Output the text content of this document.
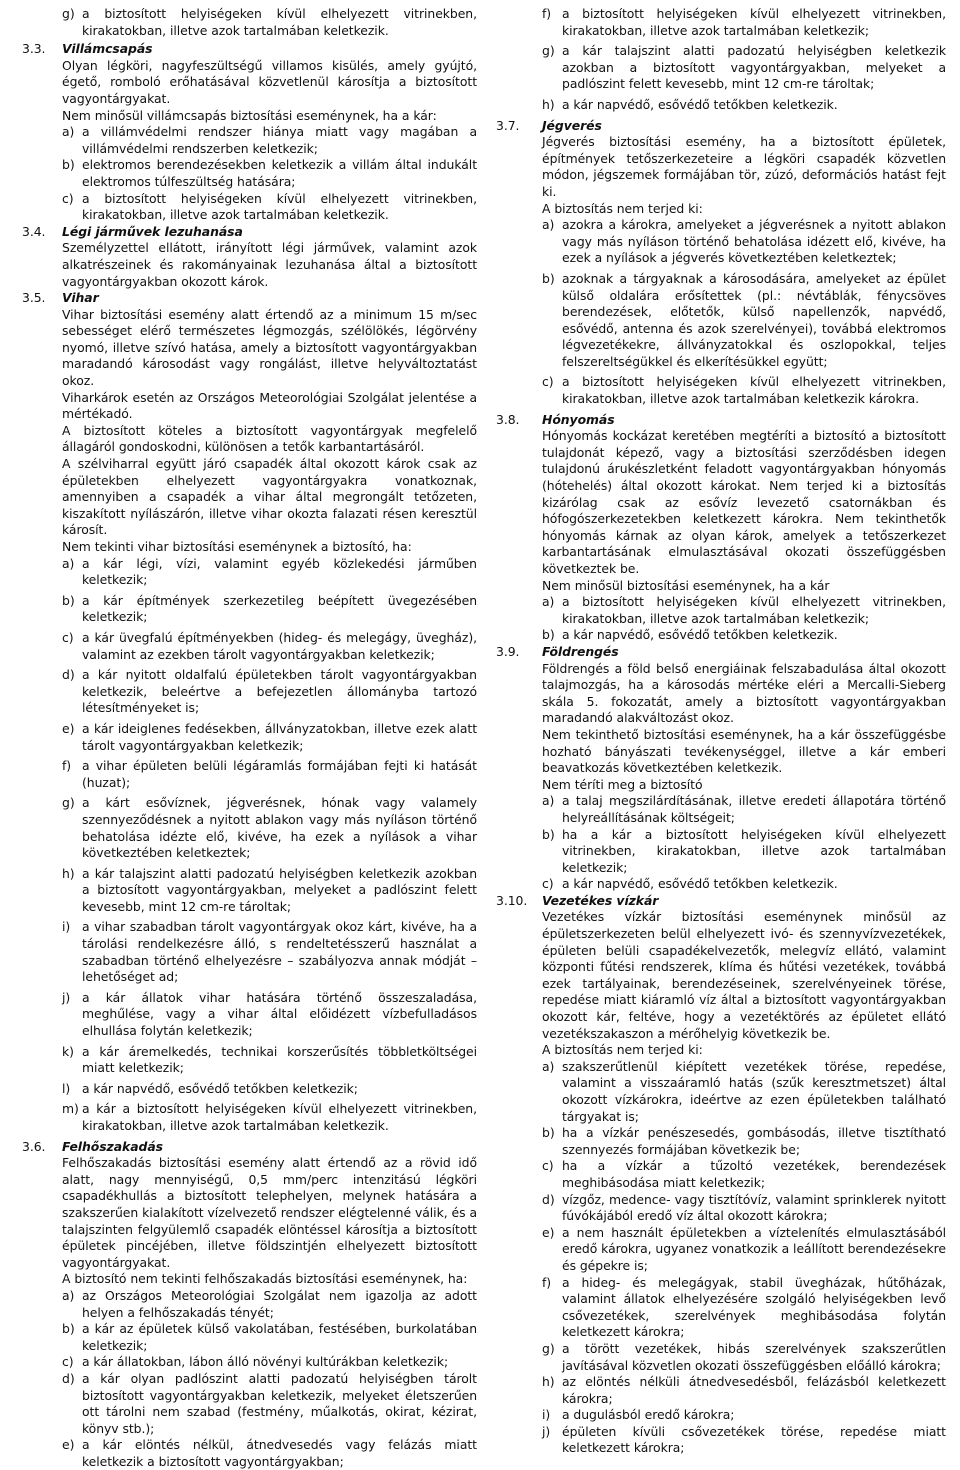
g) a biztosított helyiségeken kívül elhelyezett vitrinekben, kirakatokban, illetve azok tartalmában keletkezik.
3.3.	Villámcsapás

Olyan légköri, nagyfeszültségű villamos kisülés, amely gyújtó, égető, romboló erőhatásával közvetlenül károsítja a biztosított vagyontárgyakat.

Nem minősül villámcsapás biztosítási eseménynek, ha a kár:

a) a villámvédelmi rendszer hiánya miatt vagy magában a villámvédelmi rendszerben keletkezik;
b) elektromos berendezésekben keletkezik a villám által indukált elektromos túlfeszültség hatására;
c) a biztosított helyiségeken kívül elhelyezett vitrinekben, kirakatokban, illetve azok tartalmában keletkezik.
3.4.	Légi járművek lezuhanása

Személyzettel ellátott, irányított légi járművek, valamint azok alkatrészeinek és rakományainak lezuhanása által a biztosított vagyontárgyakban okozott károk.

3.5.	Vihar

Vihar biztosítási esemény alatt értendő az a minimum 15 m/sec sebességet elérő természetes légmozgás, szélölökés, légörvény nyomó, illetve szívó hatása, amely a biztosított vagyontárgyakban maradandó károsodást vagy rongálást, illetve helyváltoztatást okoz.

Viharkárok esetén az Országos Meteorológiai Szolgálat jelentése a mértékadó.

A biztosított köteles a biztosított vagyontárgyak megfelelő állagáról gondoskodni, különösen a tetők karbantartásáról.

A szélviharral együtt járó csapadék által okozott károk csak az épületekben elhelyezett vagyontárgyakra vonatkoznak, amennyiben a csapadék a vihar által megrongált tetőzeten, kiszakított nyílászárón, illetve vihar okozta falazati résen keresztül károsít.

Nem tekinti vihar biztosítási eseménynek a biztosító, ha:

a) a kár légi, vízi, valamint egyéb közlekedési járműben keletkezik;
b) a kár építmények szerkezetileg beépített üvegezésében keletkezik;
c) a kár üvegfalú építményekben (hideg- és melegágy, üvegház), valamint az ezekben tárolt vagyontárgyakban keletkezik;
d) a kár nyitott oldalfalú épületekben tárolt vagyontárgyakban keletkezik, beleértve a befejezetlen állományba tartozó létesítményeket is;
e) a kár ideiglenes fedésekben, állványzatokban, illetve ezek alatt tárolt vagyontárgyakban keletkezik;
f) a vihar épületen belüli légáramlás formájában fejti ki hatását (huzat);
g) a kárt esővíznek, jégverésnek, hónak vagy valamely szennyeződésnek a nyitott ablakon vagy más nyíláson történő behatolása idézte elő, kivéve, ha ezek a nyílások a vihar következtében keletkeztek;
h) a kár talajszint alatti padozatú helyiségben keletkezik azokban a biztosított vagyontárgyakban, melyeket a padlószint felett kevesebb, mint 12 cm-re tároltak;
i) a vihar szabadban tárolt vagyontárgyak okoz kárt, kivéve, ha a tárolási rendelkezésre álló, s rendeltetésszerű használat a szabadban történő elhelyezésre – szabályozva annak módját – lehetőséget ad;
j) a kár állatok vihar hatására történő összeszaladása, meghűlése, vagy a vihar által előidézett vízbefulladásos elhullása folytán keletkezik;
k) a kár áremelkedés, technikai korszerűsítés többletköltségei miatt keletkezik;
l) a kár napvédő, esővédő tetőkben keletkezik;
m) a kár a biztosított helyiségeken kívül elhelyezett vitrinekben, kirakatokban, illetve azok tartalmában keletkezik.
3.6.	Felhőszakadás

Felhőszakadás biztosítási esemény alatt értendő az a rövid idő alatt, nagy mennyiségű, 0,5 mm/perc intenzitású légköri csapadékhullás a biztosított telephelyen, melynek hatására a szakszerűen kialakított vízelvezető rendszer elégtelenné válik, és a talajszinten felgyülemlő csapadék elöntéssel károsítja a biztosított épületek pincéjében, illetve földszintjén elhelyezett biztosított vagyontárgyakat.

A biztosító nem tekinti felhőszakadás biztosítási eseménynek, ha:

a) az Országos Meteorológiai Szolgálat nem igazolja az adott helyen a felhőszakadás tényét;
b) a kár az épületek külső vakolatában, festésében, burkolatában keletkezik;
c) a kár állatokban, lábon álló növényi kultúrákban keletkezik;
d) a kár olyan padlószint alatti padozatú helyiségben tárolt biztosított vagyontárgyakban keletkezik, melyeket életszerűen ott tárolni nem szabad (festmény, műalkotás, okirat, kézirat, könyv stb.);
e) a kár elöntés nélkül, átnedvesedés vagy felázás miatt keletkezik a biztosított vagyontárgyakban;
f) a biztosított helyiségeken kívül elhelyezett vitrinekben, kirakatokban, illetve azok tartalmában keletkezik;
g) a kár talajszint alatti padozatú helyiségben keletkezik azokban a biztosított vagyontárgyakban, melyeket a padlószint felett kevesebb, mint 12 cm-re tároltak;
h) a kár napvédő, esővédő tetőkben keletkezik.
3.7.	Jégverés

Jégverés biztosítási esemény, ha a biztosított épületek, építmények tetőszerkezeteire a légköri csapadék közvetlen módon, jégszemek formájában tör, zúzó, deformációs hatást fejt ki.

A biztosítás nem terjed ki:

a) azokra a károkra, amelyeket a jégverésnek a nyitott ablakon vagy más nyíláson történő behatolása idézett elő, kivéve, ha ezek a nyílások a jégverés következtében keletkeztek;
b) azoknak a tárgyaknak a károsodására, amelyeket az épület külső oldalára erősítettek (pl.: névtáblák, fénycsöves berendezések, előtetők, külső napellenzők, napvédő, esővédő, antenna és azok szerelvényei), továbbá elektromos légvezetékekre, állványzatokkal és oszlopokkal, teljes felszereltségükkel és elkerítésükkel együtt;
c) a biztosított helyiségeken kívül elhelyezett vitrinekben, kirakatokban, illetve azok tartalmában keletkezik károkra.
3.8.	Hónyomás

Hónyomás kockázat keretében megtéríti a biztosító a biztosított tulajdonát képező, vagy a biztosítási szerződésben idegen tulajdonú árukészletként feladott vagyontárgyakban hónyomás (hótehelés) által okozott károkat. Nem terjed ki a biztosítás kizárólag csak az esővíz levezető csatornákban és hófogószerkezetekben keletkezett károkra. Nem tekinthetők hónyomás kárnak az olyan károk, amelyek a tetőszerkezet karbantartásának elmulasztásával okozati összefüggésben következtek be.

Nem minősül biztosítási eseménynek, ha a kár

a) a biztosított helyiségeken kívül elhelyezett vitrinekben, kirakatokban, illetve azok tartalmában keletkezik;
b) a kár napvédő, esővédő tetőkben keletkezik.
3.9.	Földrengés

Földrengés a föld belső energiáinak felszabadulása által okozott talajmozgás, ha a károsodás mértéke eléri a Mercalli-Sieberg skála 5. fokozatát, amely a biztosított vagyontárgyakban maradandó alakváltozást okoz.

Nem tekinthető biztosítási eseménynek, ha a kár összefüggésbe hozható bányászati tevékenységgel, illetve a kár emberi beavatkozás következtében keletkezik.

Nem téríti meg a biztosító

a) a talaj megszilárdításának, illetve eredeti állapotára történő helyreállításának költségeit;
b) ha a kár a biztosított helyiségeken kívül elhelyezett vitrinekben, kirakatokban, illetve azok tartalmában keletkezik;
c) a kár napvédő, esővédő tetőkben keletkezik.
3.10.	Vezetékes vízkár

Vezetékes vízkár biztosítási eseménynek minősül az épületszerkezeten belül elhelyezett ivó- és szennyvízvezetékek, épületen belüli csapadékelvezetők, melegvíz ellátó, valamint központi fűtési rendszerek, klíma és hűtési vezetékek, továbbá ezek tartályainak, berendezéseinek, szerelvényeinek törése, repedése miatt kiáramló víz által a biztosított vagyontárgyakban okozott kár, feltéve, hogy a vezetéktörés az épületet ellátó vezetékszakaszon a mérőhelyig következik be.

A biztosítás nem terjed ki:

a) szakszerűtlenül kiépített vezetékek törése, repedése, valamint a visszaáramló hatás (szűk keresztmetszet) által okozott vízkárokra, ideértve az ezen épületekben található tárgyakat is;
b) ha a vízkár penészesedés, gombásodás, illetve tisztítható szennyezés formájában következik be;
c) ha a vízkár a tűzoltó vezetékek, berendezések meghibásodása miatt keletkezik;
d) vízgőz, medence- vagy tisztítóvíz, valamint sprinklerek nyitott fúvókájából eredő víz által okozott károkra;
e) a nem használt épületekben a víztelenítés elmulasztásából eredő károkra, ugyanez vonatkozik a leállított berendezésekre és gépekre is;
f) a hideg- és melegágyak, stabil üvegházak, hűtőházak, valamint állatok elhelyezésére szolgáló helyiségekben levő csővezetékek, szerelvények meghibásodása folytán keletkezett károkra;
g) a törött vezetékek, hibás szerelvények szakszerűtlen javításával közvetlen okozati összefüggésben előálló károkra;
h) az elöntés nélküli átnedvesedésből, felázásból keletkezett károkra;
i) a dugulásból eredő károkra;
j) épületen kívüli csővezetékek törése, repedése miatt keletkezett károkra;
